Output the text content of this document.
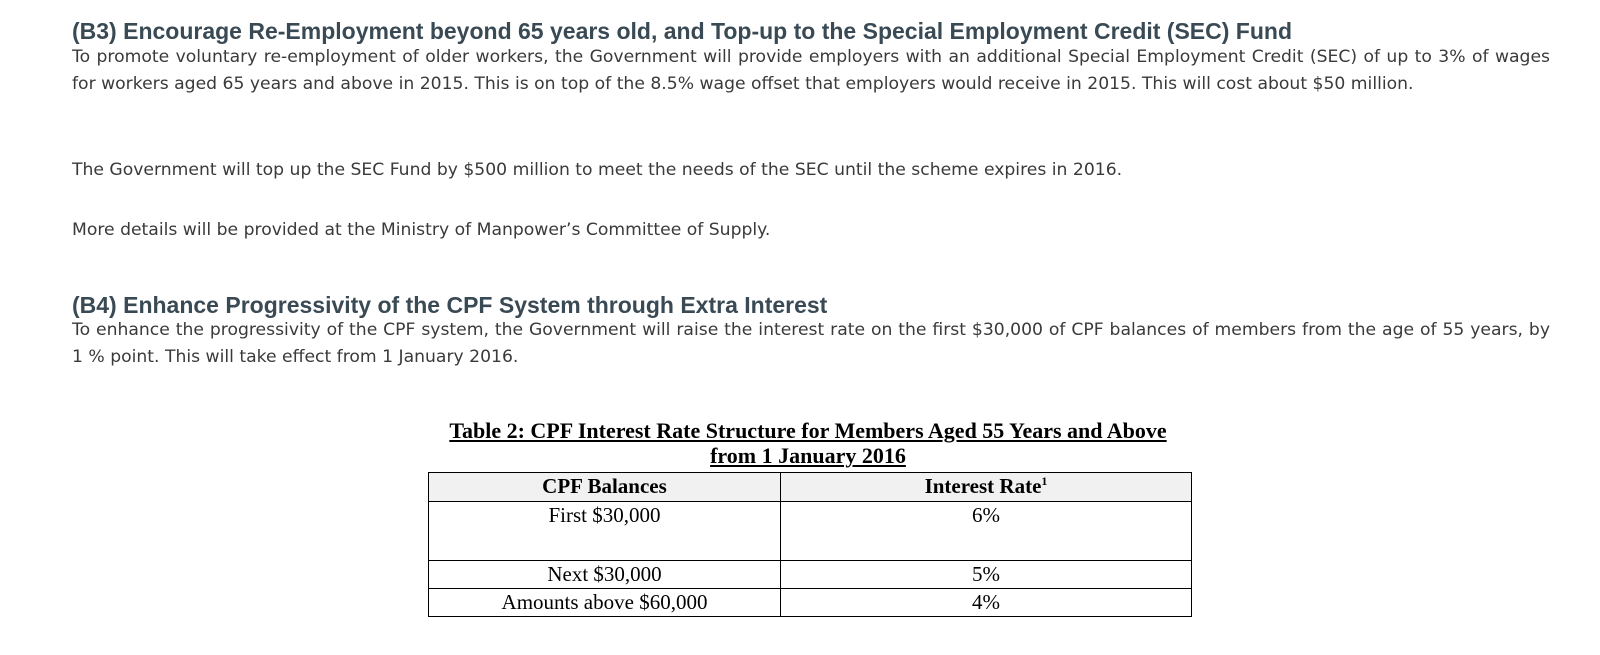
(B3) Encourage Re-Employment beyond 65 years old, and Top-up to the Special Employment Credit (SEC) Fund

To promote voluntary re-employment of older workers, the Government will provide employers with an additional Special Employment Credit (SEC) of up to 3% of wages for workers aged 65 years and above in 2015. This is on top of the 8.5% wage offset that employers would receive in 2015. This will cost about $50 million.

The Government will top up the SEC Fund by $500 million to meet the needs of the SEC until the scheme expires in 2016.

More details will be provided at the Ministry of Manpower’s Committee of Supply.

(B4) Enhance Progressivity of the CPF System through Extra Interest

To enhance the progressivity of the CPF system, the Government will raise the interest rate on the first $30,000 of CPF balances of members from the age of 55 years, by 1 % point. This will take effect from 1 January 2016.

Table 2: CPF Interest Rate Structure for Members Aged 55 Years and Above
from 1 January 2016
CPF Balances	Interest Rate$^1$
First $30,000	6%
Next $30,000	5%
Amounts above $60,000	4%
